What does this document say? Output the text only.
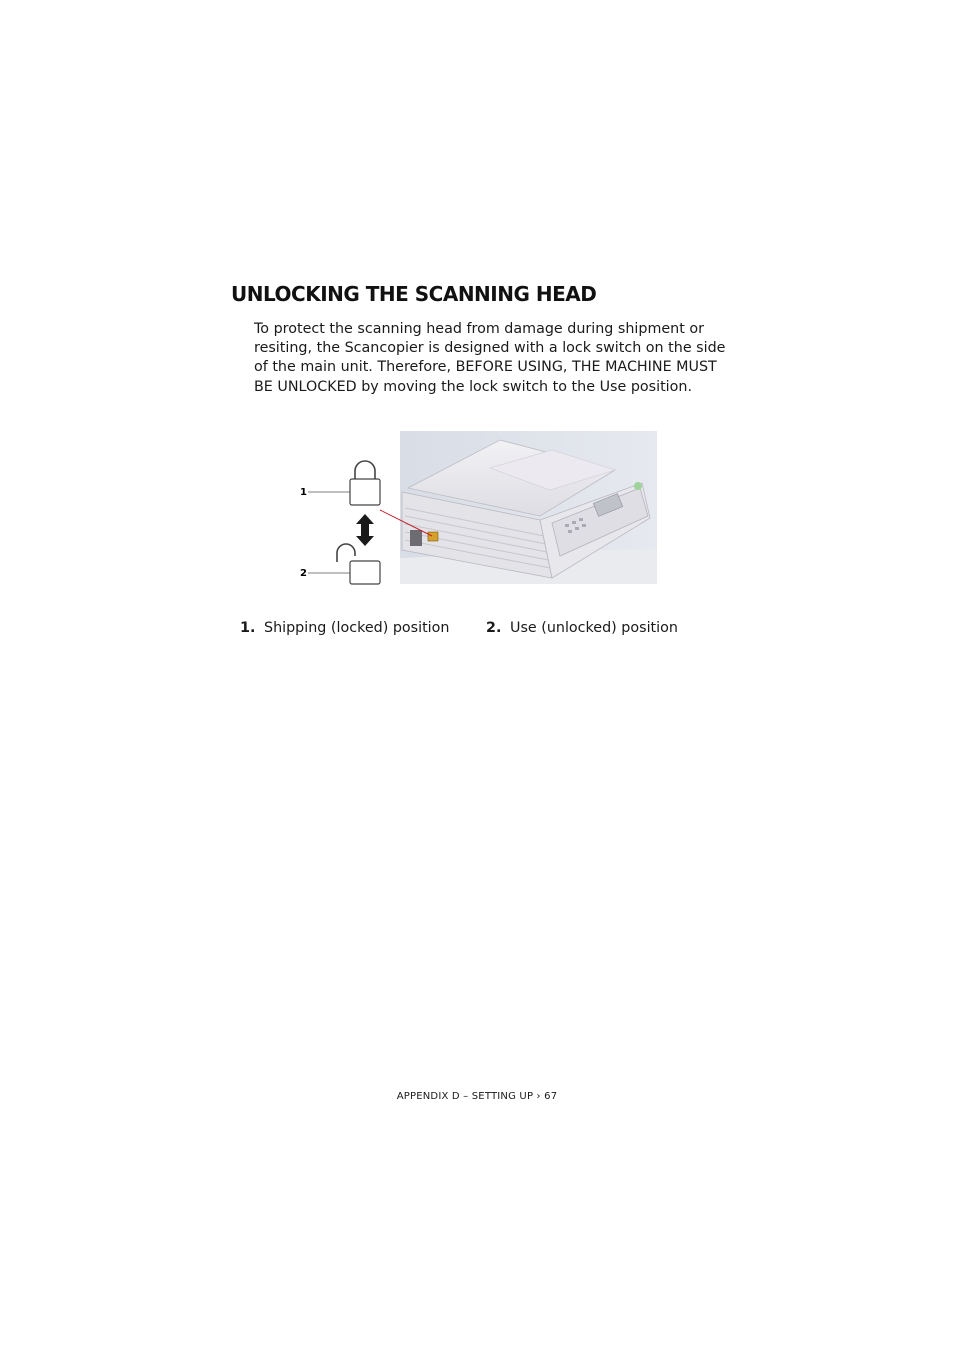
UNLOCKING THE SCANNING HEAD

To protect the scanning head from damage during shipment or resiting, the Scancopier is designed with a lock switch on the side of the main unit. Therefore, BEFORE USING, THE MACHINE MUST BE UNLOCKED by moving the lock switch to the Use position.

1
2
1. Shipping (locked) position	2. Use (unlocked) position
APPENDIX D – SETTING UP › 67
